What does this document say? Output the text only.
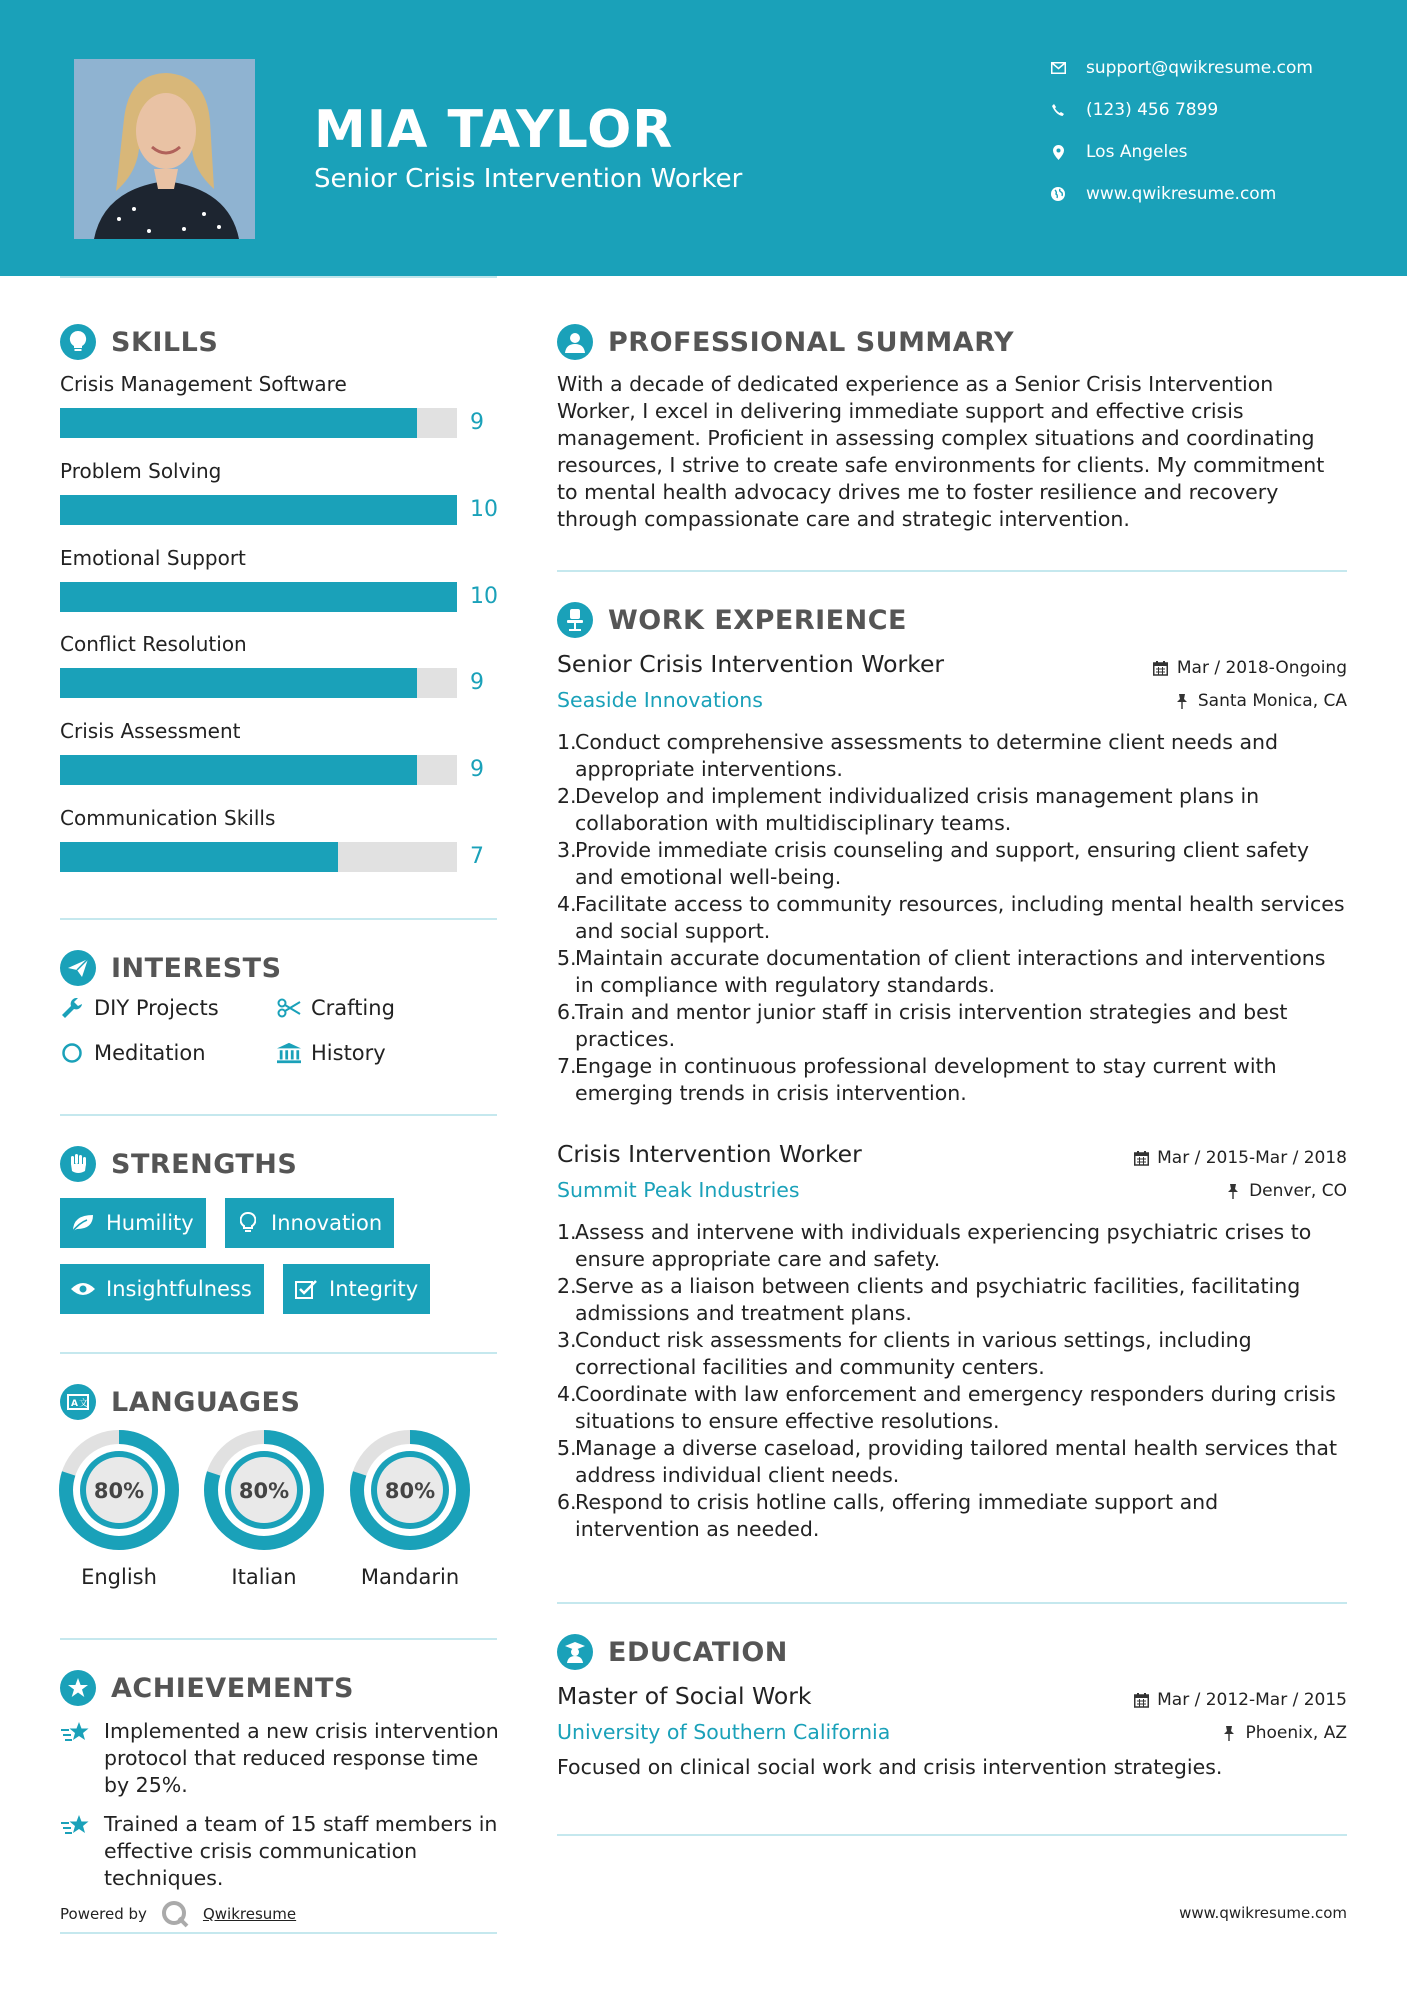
MIA TAYLOR
Senior Crisis Intervention Worker
support@qwikresume.com
(123) 456 7899
Los Angeles
www.qwikresume.com
SKILLS
Crisis Management Software
9
Problem Solving
10
Emotional Support
10
Conflict Resolution
9
Crisis Assessment
9
Communication Skills
7
INTERESTS
DIY Projects	Crafting
Meditation	History
STRENGTHS
Humility	Innovation
Insightfulness	Integrity
A 文 LANGUAGES
80%
English
80%
Italian
80%
Mandarin
ACHIEVEMENTS
Implemented a new crisis intervention protocol that reduced response time by 25%.
Trained a team of 15 staff members in effective crisis communication techniques.
Powered by	Qwikresume
PROFESSIONAL SUMMARY
With a decade of dedicated experience as a Senior Crisis Intervention Worker, I excel in delivering immediate support and effective crisis management. Proficient in assessing complex situations and coordinating resources, I strive to create safe environments for clients. My commitment to mental health advocacy drives me to foster resilience and recovery through compassionate care and strategic intervention.
WORK EXPERIENCE
Senior Crisis Intervention Worker	Mar / 2018-Ongoing
Seaside Innovations	Santa Monica, CA
1.Conduct comprehensive assessments to determine client needs and appropriate interventions.
2.Develop and implement individualized crisis management plans in collaboration with multidisciplinary teams.
3.Provide immediate crisis counseling and support, ensuring client safety and emotional well-being.
4.Facilitate access to community resources, including mental health services and social support.
5.Maintain accurate documentation of client interactions and interventions in compliance with regulatory standards.
6.Train and mentor junior staff in crisis intervention strategies and best practices.
7.Engage in continuous professional development to stay current with emerging trends in crisis intervention.
Crisis Intervention Worker	Mar / 2015-Mar / 2018
Summit Peak Industries	Denver, CO
1.Assess and intervene with individuals experiencing psychiatric crises to ensure appropriate care and safety.
2.Serve as a liaison between clients and psychiatric facilities, facilitating admissions and treatment plans.
3.Conduct risk assessments for clients in various settings, including correctional facilities and community centers.
4.Coordinate with law enforcement and emergency responders during crisis situations to ensure effective resolutions.
5.Manage a diverse caseload, providing tailored mental health services that address individual client needs.
6.Respond to crisis hotline calls, offering immediate support and intervention as needed.
EDUCATION
Master of Social Work	Mar / 2012-Mar / 2015
University of Southern California	Phoenix, AZ
Focused on clinical social work and crisis intervention strategies.
www.qwikresume.com
